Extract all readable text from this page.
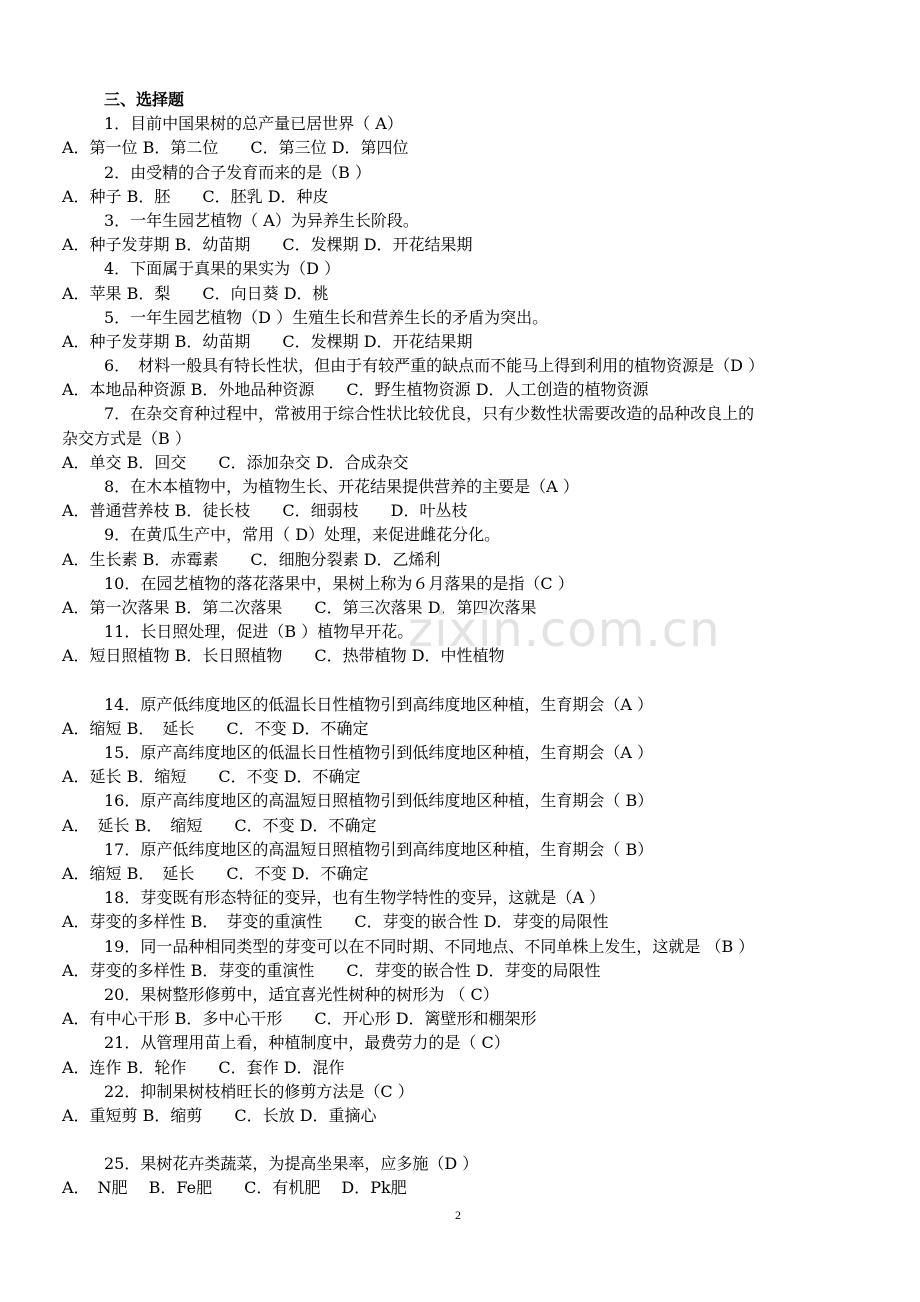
三、选择题
1．目前中国果树的总产量已居世界（ A）
A．第一位 B．第二位　　C．第三位 D．第四位
2．由受精的合子发育而来的是（B ）
A．种子 B．胚　　C．胚乳 D．种皮
3．一年生园艺植物（ A）为异养生长阶段。
A．种子发芽期 B．幼苗期　　C．发棵期 D．开花结果期
4．下面属于真果的果实为（D ）
A．苹果 B．梨　　C．向日葵 D．桃
5．一年生园艺植物（D ）生殖生长和营养生长的矛盾为突出。
A．种子发芽期 B．幼苗期　　C．发棵期 D．开花结果期
6．　材料一般具有特长性状，但由于有较严重的缺点而不能马上得到利用的植物资源是（D ）
A．本地品种资源 B．外地品种资源　　C．野生植物资源 D．人工创造的植物资源
7．在杂交育种过程中，常被用于综合性状比较优良，只有少数性状需要改造的品种改良上的
杂交方式是（B ）
A．单交 B．回交　　C．添加杂交 D．合成杂交
8．在木本植物中，为植物生长、开花结果提供营养的主要是（A ）
A．普通营养枝 B．徒长枝　　C．细弱枝　　D．叶丛枝
9．在黄瓜生产中，常用（ D）处理，来促进雌花分化。
A．生长素 B．赤霉素　　C．细胞分裂素 D．乙烯利
10．在园艺植物的落花落果中，果树上称为６月落果的是指（C ）
A．第一次落果 B．第二次落果　　C．第三次落果 D．第四次落果
11．长日照处理，促进（B ）植物早开花。
A．短日照植物 B．长日照植物　　C．热带植物 D．中性植物
14．原产低纬度地区的低温长日性植物引到高纬度地区种植，生育期会（A ）
A．缩短 B．　延长　　C．不变 D．不确定
15．原产高纬度地区的低温长日性植物引到低纬度地区种植，生育期会（A ）
A．延长 B．缩短　　C．不变 D．不确定
16．原产高纬度地区的高温短日照植物引到低纬度地区种植，生育期会（ B）
A．　延长 B．　缩短　　C．不变 D．不确定
17．原产低纬度地区的高温短日照植物引到高纬度地区种植，生育期会（ B）
A．缩短 B．　延长　　C．不变 D．不确定
18．芽变既有形态特征的变异，也有生物学特性的变异，这就是（A ）
A．芽变的多样性 B．　芽变的重演性　　C．芽变的嵌合性 D．芽变的局限性
19．同一品种相同类型的芽变可以在不同时期、不同地点、不同单株上发生，这就是 （B ）
A．芽变的多样性 B．芽变的重演性　　C．芽变的嵌合性 D．芽变的局限性
20．果树整形修剪中，适宜喜光性树种的树形为 （ C）
A．有中心干形 B．多中心干形　　C．开心形 D．篱壁形和棚架形
21．从管理用苗上看，种植制度中，最费劳力的是（ C）
A．连作 B．轮作　　C．套作 D．混作
22．抑制果树枝梢旺长的修剪方法是（C ）
A．重短剪 B．缩剪　　C．长放 D．重摘心
25．果树花卉类蔬菜，为提高坐果率，应多施（D ）
A．　N肥　 B．Fe肥　　C．有机肥　 D．Pk肥
zixin.com.cn
2
